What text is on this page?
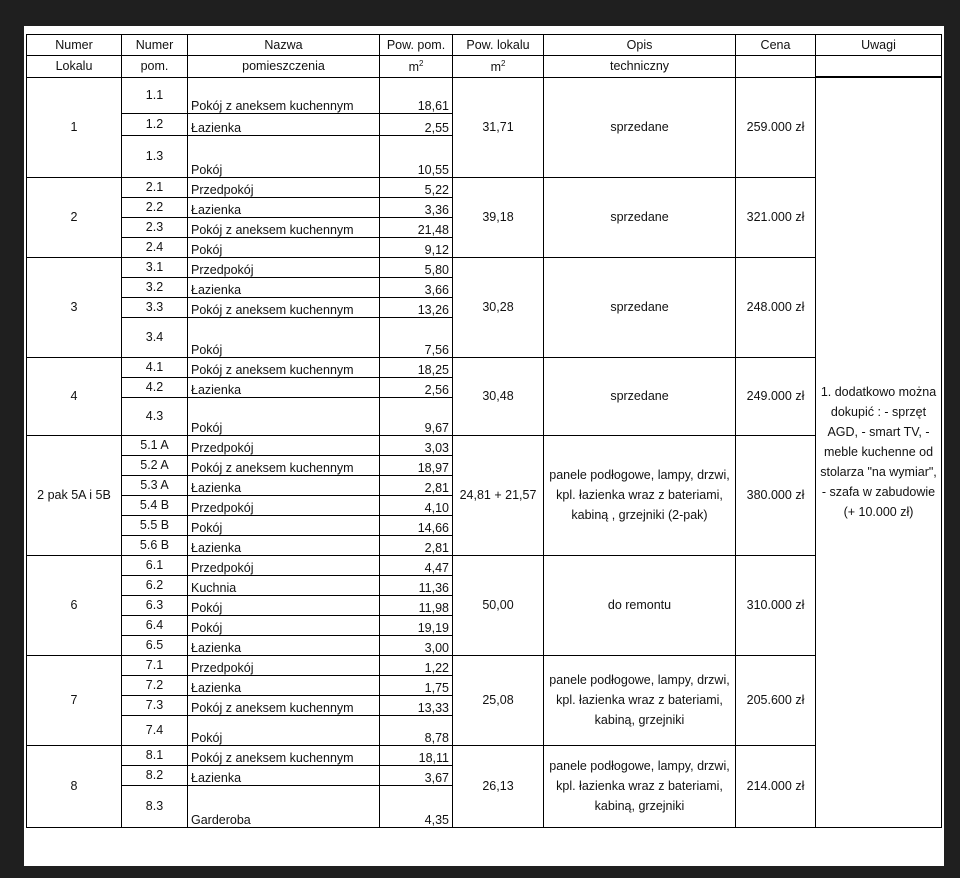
Numer	Numer	Nazwa	Pow. pom.	Pow. lokalu	Opis	Cena	Uwagi
Lokalu	pom.	pomieszczenia	$m^2$	$m^2$	techniczny		
1	1.1	Pokój z aneksem kuchennym	18,61	31,71	sprzedane	259.000 zł	1. dodatkowo można dokupić : - sprzęt AGD, - smart TV, - meble kuchenne od stolarza "na wymiar", - szafa w zabudowie (+ 10.000 zł)
	1.2	Łazienka	2,55				
	1.3	Pokój	10,55				
2	2.1	Przedpokój	5,22	39,18	sprzedane	321.000 zł	
	2.2	Łazienka	3,36				
	2.3	Pokój z aneksem kuchennym	21,48				
	2.4	Pokój	9,12				
3	3.1	Przedpokój	5,80	30,28	sprzedane	248.000 zł	
	3.2	Łazienka	3,66				
	3.3	Pokój z aneksem kuchennym	13,26				
	3.4	Pokój	7,56				
4	4.1	Pokój z aneksem kuchennym	18,25	30,48	sprzedane	249.000 zł	
	4.2	Łazienka	2,56				
	4.3	Pokój	9,67				
2 pak 5A i 5B	5.1 A	Przedpokój	3,03	24,81 + 21,57	panele podłogowe, lampy, drzwi, kpl. łazienka wraz z bateriami, kabiną , grzejniki (2-pak)	380.000 zł	
	5.2 A	Pokój z aneksem kuchennym	18,97				
	5.3 A	Łazienka	2,81				
	5.4 B	Przedpokój	4,10				
	5.5 B	Pokój	14,66				
	5.6 B	Łazienka	2,81				
6	6.1	Przedpokój	4,47	50,00	do remontu	310.000 zł	
	6.2	Kuchnia	11,36				
	6.3	Pokój	11,98				
	6.4	Pokój	19,19				
	6.5	Łazienka	3,00				
7	7.1	Przedpokój	1,22	25,08	panele podłogowe, lampy, drzwi, kpl. łazienka wraz z bateriami, kabiną, grzejniki	205.600 zł	
	7.2	Łazienka	1,75				
	7.3	Pokój z aneksem kuchennym	13,33				
	7.4	Pokój	8,78				
8	8.1	Pokój z aneksem kuchennym	18,11	26,13	panele podłogowe, lampy, drzwi, kpl. łazienka wraz z bateriami, kabiną, grzejniki	214.000 zł	
	8.2	Łazienka	3,67				
	8.3	Garderoba	4,35				
